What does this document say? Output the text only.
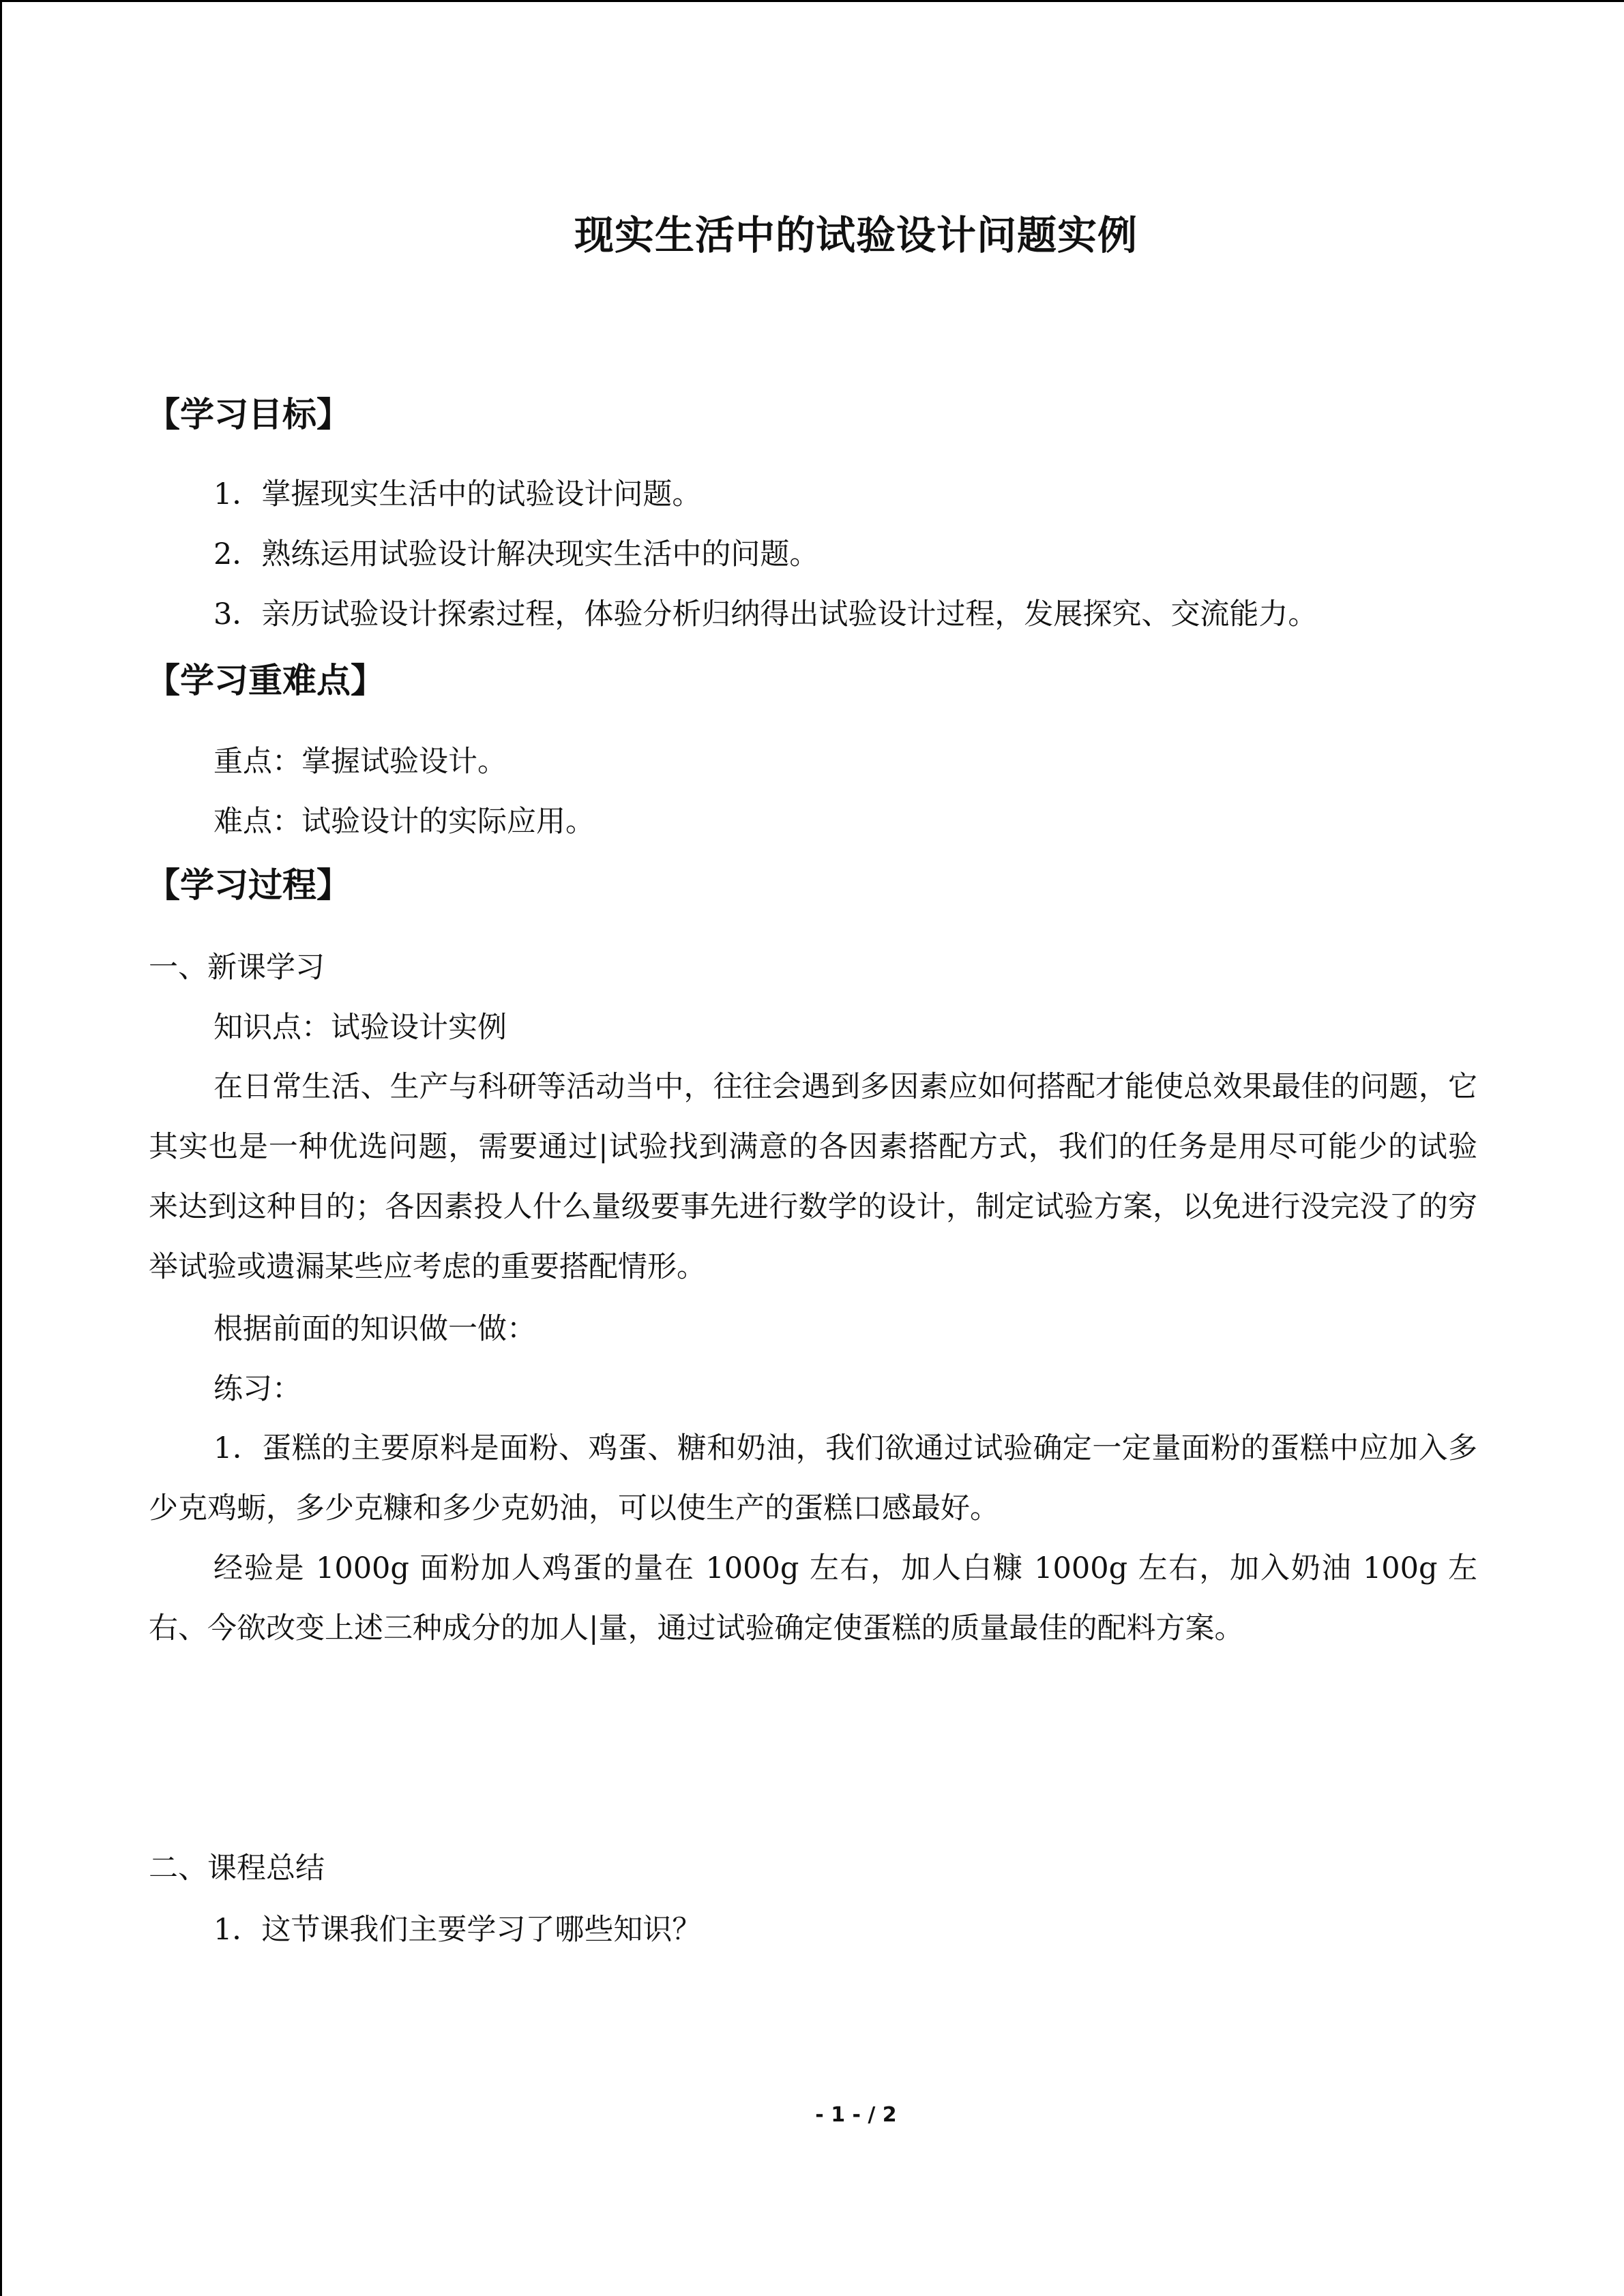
现实生活中的试验设计问题实例
【学习目标】
1．掌握现实生活中的试验设计问题。
2．熟练运用试验设计解决现实生活中的问题。
3．亲历试验设计探索过程，体验分析归纳得出试验设计过程，发展探究、交流能力。
【学习重难点】
重点：掌握试验设计。
难点：试验设计的实际应用。
【学习过程】
一、新课学习
知识点：试验设计实例
在日常生活、生产与科研等活动当中，往往会遇到多因素应如何搭配才能使总效果最佳的问题，它其实也是一种优选问题，需要通过|试验找到满意的各因素搭配方式，我们的任务是用尽可能少的试验来达到这种目的；各因素投人什么量级要事先进行数学的设计，制定试验方案，以免进行没完没了的穷举试验或遗漏某些应考虑的重要搭配情形。
根据前面的知识做一做：
练习：
1．蛋糕的主要原料是面粉、鸡蛋、糖和奶油，我们欲通过试验确定一定量面粉的蛋糕中应加入多少克鸡蛎，多少克糠和多少克奶油，可以使生产的蛋糕口感最好。
经验是 1000g 面粉加人鸡蛋的量在 1000g 左右，加人白糠 1000g 左右，加入奶油 100g 左右、今欲改变上述三种成分的加人|量，通过试验确定使蛋糕的质量最佳的配料方案。
二、课程总结
1．这节课我们主要学习了哪些知识？
- 1 - / 2
